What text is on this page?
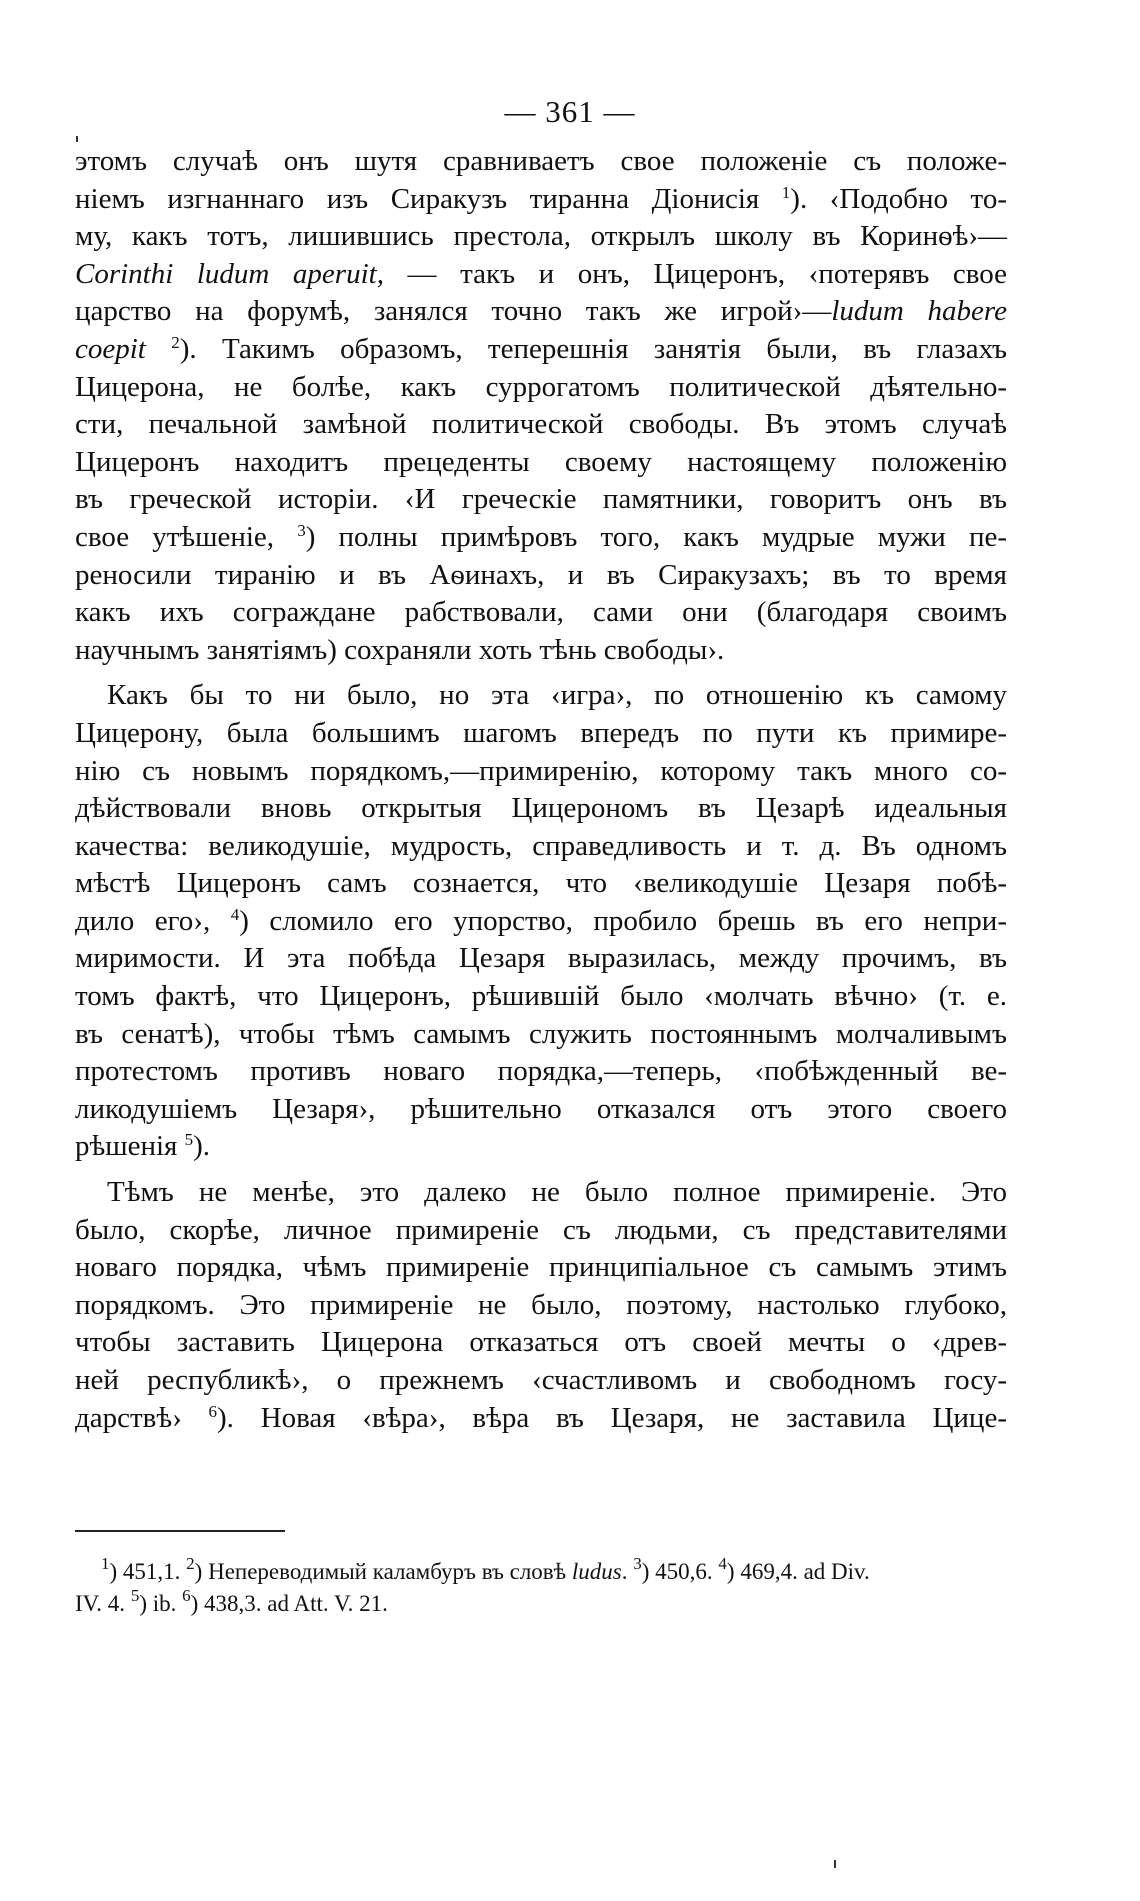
— 361 —
этомъ случаѣ онъ шутя сравниваетъ свое положеніе съ положе-
ніемъ изгнаннаго изъ Сиракузъ тиранна Діонисія $^1$). ‹Подобно то-
му, какъ тотъ, лишившись престола, открылъ школу въ Коринѳѣ›—
Corinthi ludum aperuit, — такъ и онъ, Цицеронъ, ‹потерявъ свое
царство на форумѣ, занялся точно такъ же игрой›—ludum habere
coepit $^2$). Такимъ образомъ, теперешнія занятія были, въ глазахъ
Цицерона, не болѣе, какъ суррогатомъ политической дѣятельно-
сти, печальной замѣной политической свободы. Въ этомъ случаѣ
Цицеронъ находитъ прецеденты своему настоящему положенію
въ греческой исторіи. ‹И греческіе памятники, говоритъ онъ въ
свое утѣшеніе, $^3$) полны примѣровъ того, какъ мудрые мужи пе-
реносили тиранію и въ Аѳинахъ, и въ Сиракузахъ; въ то время
какъ ихъ сограждане рабствовали, сами они (благодаря своимъ
научнымъ занятіямъ) сохраняли хоть тѣнь свободы›.
Какъ бы то ни было, но эта ‹игра›, по отношенію къ самому
Цицерону, была большимъ шагомъ впередъ по пути къ примире-
нію съ новымъ порядкомъ,—примиренію, которому такъ много со-
дѣйствовали вновь открытыя Цицерономъ въ Цезарѣ идеальныя
качества: великодушіе, мудрость, справедливость и т. д. Въ одномъ
мѣстѣ Цицеронъ самъ сознается, что ‹великодушіе Цезаря побѣ-
дило его›, $^4$) сломило его упорство, пробило брешь въ его непри-
миримости. И эта побѣда Цезаря выразилась, между прочимъ, въ
томъ фактѣ, что Цицеронъ, рѣшившій было ‹молчать вѣчно› (т. е.
въ сенатѣ), чтобы тѣмъ самымъ служить постояннымъ молчаливымъ
протестомъ противъ новаго порядка,—теперь, ‹побѣжденный ве-
ликодушіемъ Цезаря›, рѣшительно отказался отъ этого своего
рѣшенія $^5$).
Тѣмъ не менѣе, это далеко не было полное примиреніе. Это
было, скорѣе, личное примиреніе съ людьми, съ представителями
новаго порядка, чѣмъ примиреніе принципіальное съ самымъ этимъ
порядкомъ. Это примиреніе не было, поэтому, настолько глубоко,
чтобы заставить Цицерона отказаться отъ своей мечты о ‹древ-
ней республикѣ›, о прежнемъ ‹счастливомъ и свободномъ госу-
дарствѣ› $^6$). Новая ‹вѣра›, вѣра въ Цезаря, не заставила Цице-
$^1$) 451,1. $^2$) Непереводимый каламбуръ въ словѣ ludus. $^3$) 450,6. $^4$) 469,4. ad Div.
IV. 4. $^5$) ib. $^6$) 438,3. ad Att. V. 21.
